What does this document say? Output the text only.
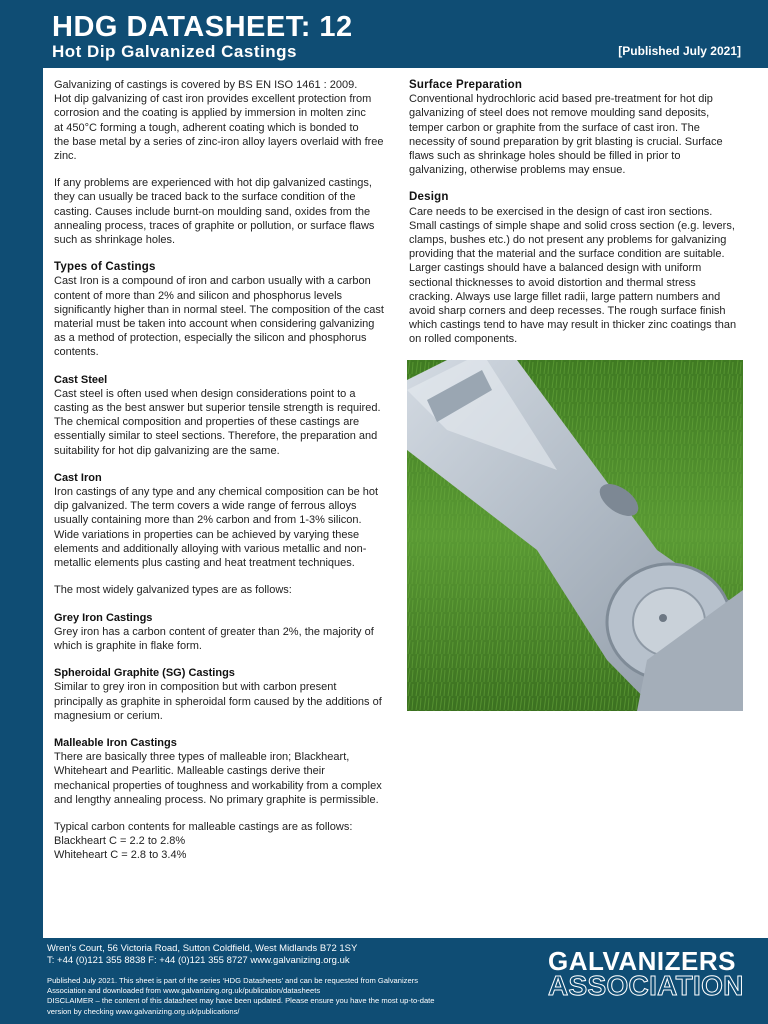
HDG DATASHEET: 12
Hot Dip Galvanized Castings	[Published July 2021]

Galvanizing of castings is covered by BS EN ISO 1461 : 2009.
Hot dip galvanizing of cast iron provides excellent protection from
corrosion and the coating is applied by immersion in molten zinc
at 450°C forming a tough, adherent coating which is bonded to
the base metal by a series of zinc-iron alloy layers overlaid with free
zinc.

If any problems are experienced with hot dip galvanized castings,
they can usually be traced back to the surface condition of the
casting. Causes include burnt-on moulding sand, oxides from the
annealing process, traces of graphite or pollution, or surface flaws
such as shrinkage holes.

Types of Castings

Cast Iron is a compound of iron and carbon usually with a carbon
content of more than 2% and silicon and phosphorus levels
significantly higher than in normal steel. The composition of the cast
material must be taken into account when considering galvanizing
as a method of protection, especially the silicon and phosphorus
contents.

Cast Steel

Cast steel is often used when design considerations point to a
casting as the best answer but superior tensile strength is required.
The chemical composition and properties of these castings are
essentially similar to steel sections. Therefore, the preparation and
suitability for hot dip galvanizing are the same.

Cast Iron

Iron castings of any type and any chemical composition can be hot
dip galvanized. The term covers a wide range of ferrous alloys
usually containing more than 2% carbon and from 1-3% silicon.
Wide variations in properties can be achieved by varying these
elements and additionally alloying with various metallic and non-
metallic elements plus casting and heat treatment techniques.

The most widely galvanized types are as follows:

Grey Iron Castings

Grey iron has a carbon content of greater than 2%, the majority of
which is graphite in flake form.

Spheroidal Graphite (SG) Castings

Similar to grey iron in composition but with carbon present
principally as graphite in spheroidal form caused by the additions of
magnesium or cerium.

Malleable Iron Castings

There are basically three types of malleable iron; Blackheart,
Whiteheart and Pearlitic. Malleable castings derive their
mechanical properties of toughness and workability from a complex
and lengthy annealing process. No primary graphite is permissible.

Typical carbon contents for malleable castings are as follows:
Blackheart C = 2.2 to 2.8%
Whiteheart C = 2.8 to 3.4%

Surface Preparation

Conventional hydrochloric acid based pre-treatment for hot dip
galvanizing of steel does not remove moulding sand deposits,
temper carbon or graphite from the surface of cast iron. The
necessity of sound preparation by grit blasting is crucial. Surface
flaws such as shrinkage holes should be filled in prior to
galvanizing, otherwise problems may ensue.

Design

Care needs to be exercised in the design of cast iron sections.
Small castings of simple shape and solid cross section (e.g. levers,
clamps, bushes etc.) do not present any problems for galvanizing
providing that the material and the surface condition are suitable.
Larger castings should have a balanced design with uniform
sectional thicknesses to avoid distortion and thermal stress
cracking. Always use large fillet radii, large pattern numbers and
avoid sharp corners and deep recesses. The rough surface finish
which castings tend to have may result in thicker zinc coatings than
on rolled components.

Wren’s Court, 56 Victoria Road, Sutton Coldfield, West Midlands B72 1SY
T: +44 (0)121 355 8838 F: +44 (0)121 355 8727 www.galvanizing.org.uk
Published July 2021. This sheet is part of the series ‘HDG Datasheets’ and can be requested from Galvanizers
Association and downloaded from www.galvanizing.org.uk/publication/datasheets
DISCLAIMER – the content of this datasheet may have been updated. Please ensure you have the most up-to-date
version by checking www.galvanizing.org.uk/publications/
GALVANIZERS
ASSOCIATION
